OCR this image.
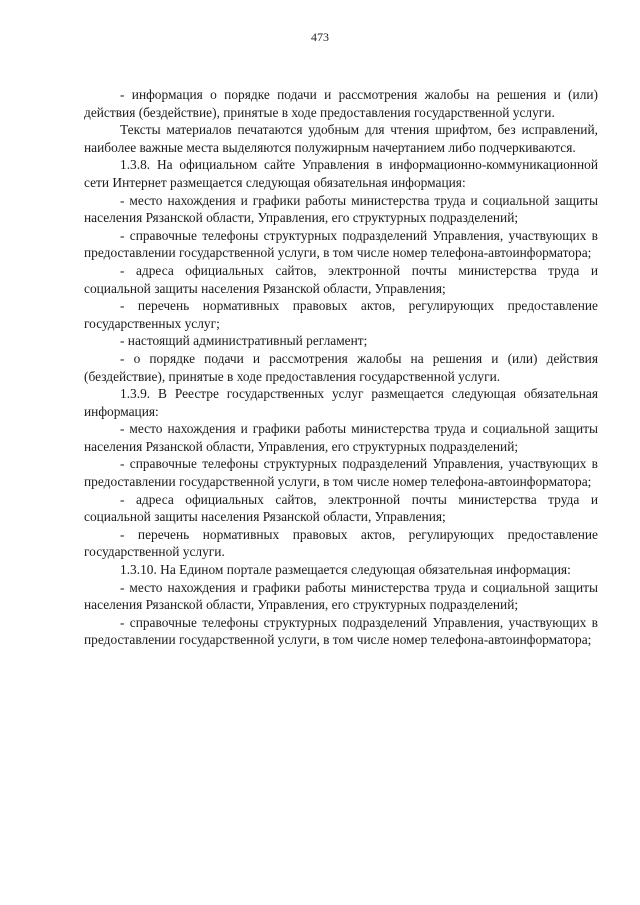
473

- информация о порядке подачи и рассмотрения жалобы на решения и (или) действия (бездействие), принятые в ходе предоставления государственной услуги.

Тексты материалов печатаются удобным для чтения шрифтом, без исправлений, наиболее важные места выделяются полужирным начертанием либо подчеркиваются.

1.3.8. На официальном сайте Управления в информационно-коммуникационной сети Интернет размещается следующая обязательная информация:

- место нахождения и графики работы министерства труда и социальной защиты населения Рязанской области, Управления, его структурных подразделений;

- справочные телефоны структурных подразделений Управления, участвующих в предоставлении государственной услуги, в том числе номер телефона-автоинформатора;

- адреса официальных сайтов, электронной почты министерства труда и социальной защиты населения Рязанской области, Управления;

- перечень нормативных правовых актов, регулирующих предоставление государственных услуг;

- настоящий административный регламент;

- о порядке подачи и рассмотрения жалобы на решения и (или) действия (бездействие), принятые в ходе предоставления государственной услуги.

1.3.9. В Реестре государственных услуг размещается следующая обязательная информация:

- место нахождения и графики работы министерства труда и социальной защиты населения Рязанской области, Управления, его структурных подразделений;

- справочные телефоны структурных подразделений Управления, участвующих в предоставлении государственной услуги, в том числе номер телефона-автоинформатора;

- адреса официальных сайтов, электронной почты министерства труда и социальной защиты населения Рязанской области, Управления;

- перечень нормативных правовых актов, регулирующих предоставление государственной услуги.

1.3.10. На Едином портале размещается следующая обязательная информация:

- место нахождения и графики работы министерства труда и социальной защиты населения Рязанской области, Управления, его структурных подразделений;

- справочные телефоны структурных подразделений Управления, участвующих в предоставлении государственной услуги, в том числе номер телефона-автоинформатора;
